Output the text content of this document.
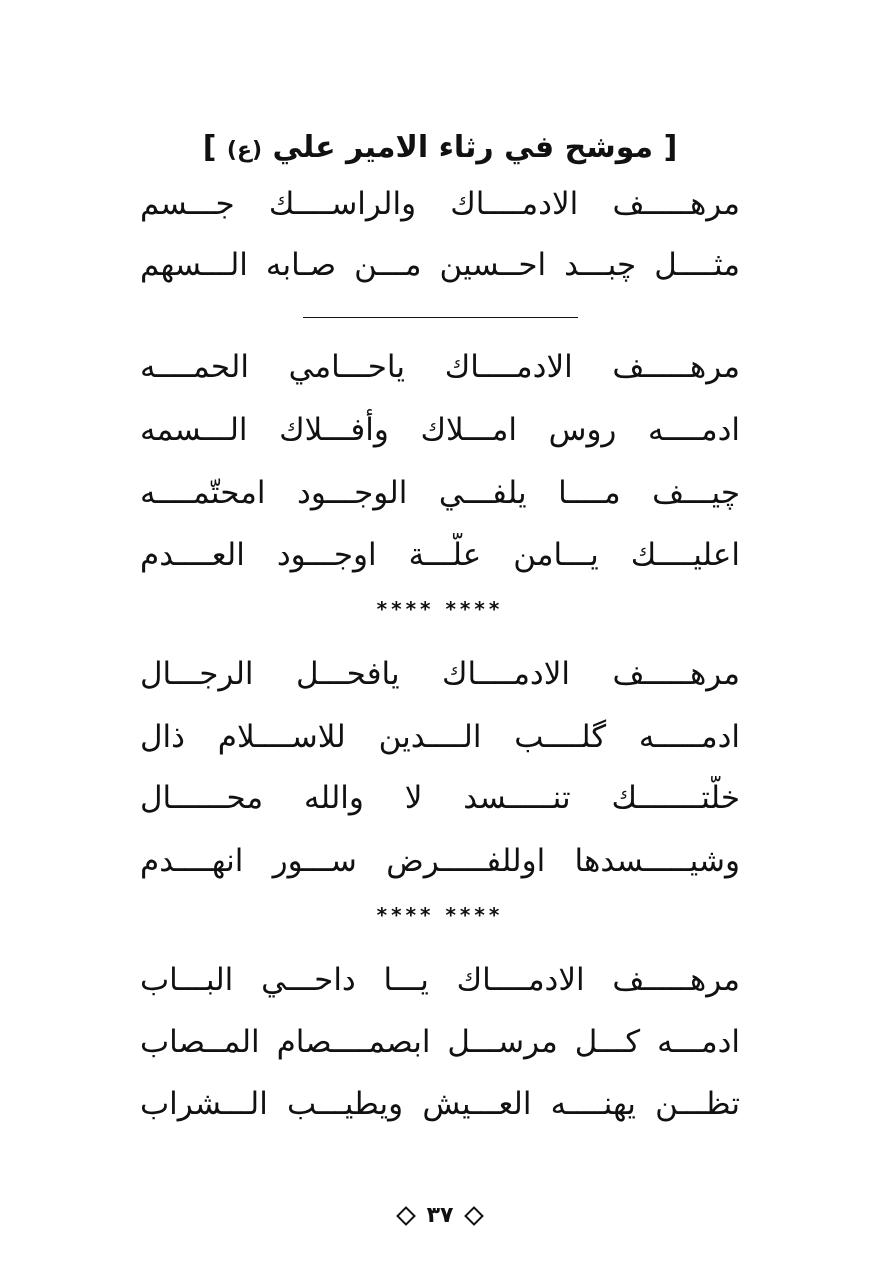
[ موشح في رثاء الامير علي (ع) ]
مرهـــــف الادمــــاك والراســــك جـــسم
مثــــل چبـــد احــسين مـــن صـابه الـــسهم
مرهـــــف الادمــــاك ياحـــامي الحمــــه
ادمــــه روس امـــلاك وأفـــلاك الـــسمه
چيـــف مــــا يلفـــي الوجـــود امحتّمــــه
اعليــــك يـــامن علّـــة اوجـــود العــــدم
**** ****
مرهـــــف الادمــــاك يافحـــل الرجـــال
ادمـــــه گلــــب الــــدين للاســــلام ذال
خلّتـــــــك تنـــــسد لا والله محــــــال
وشيـــــسدها اوللفـــــرض ســـور انهــــدم
**** ****
مرهـــــف الادمــــاك يـــا داحـــي البـــاب
ادمـــه كـــل مرســـل ابصمــــصام المــصاب
تظـــن يهنــــه العـــيش ويطيـــب الـــشراب
٣٧
